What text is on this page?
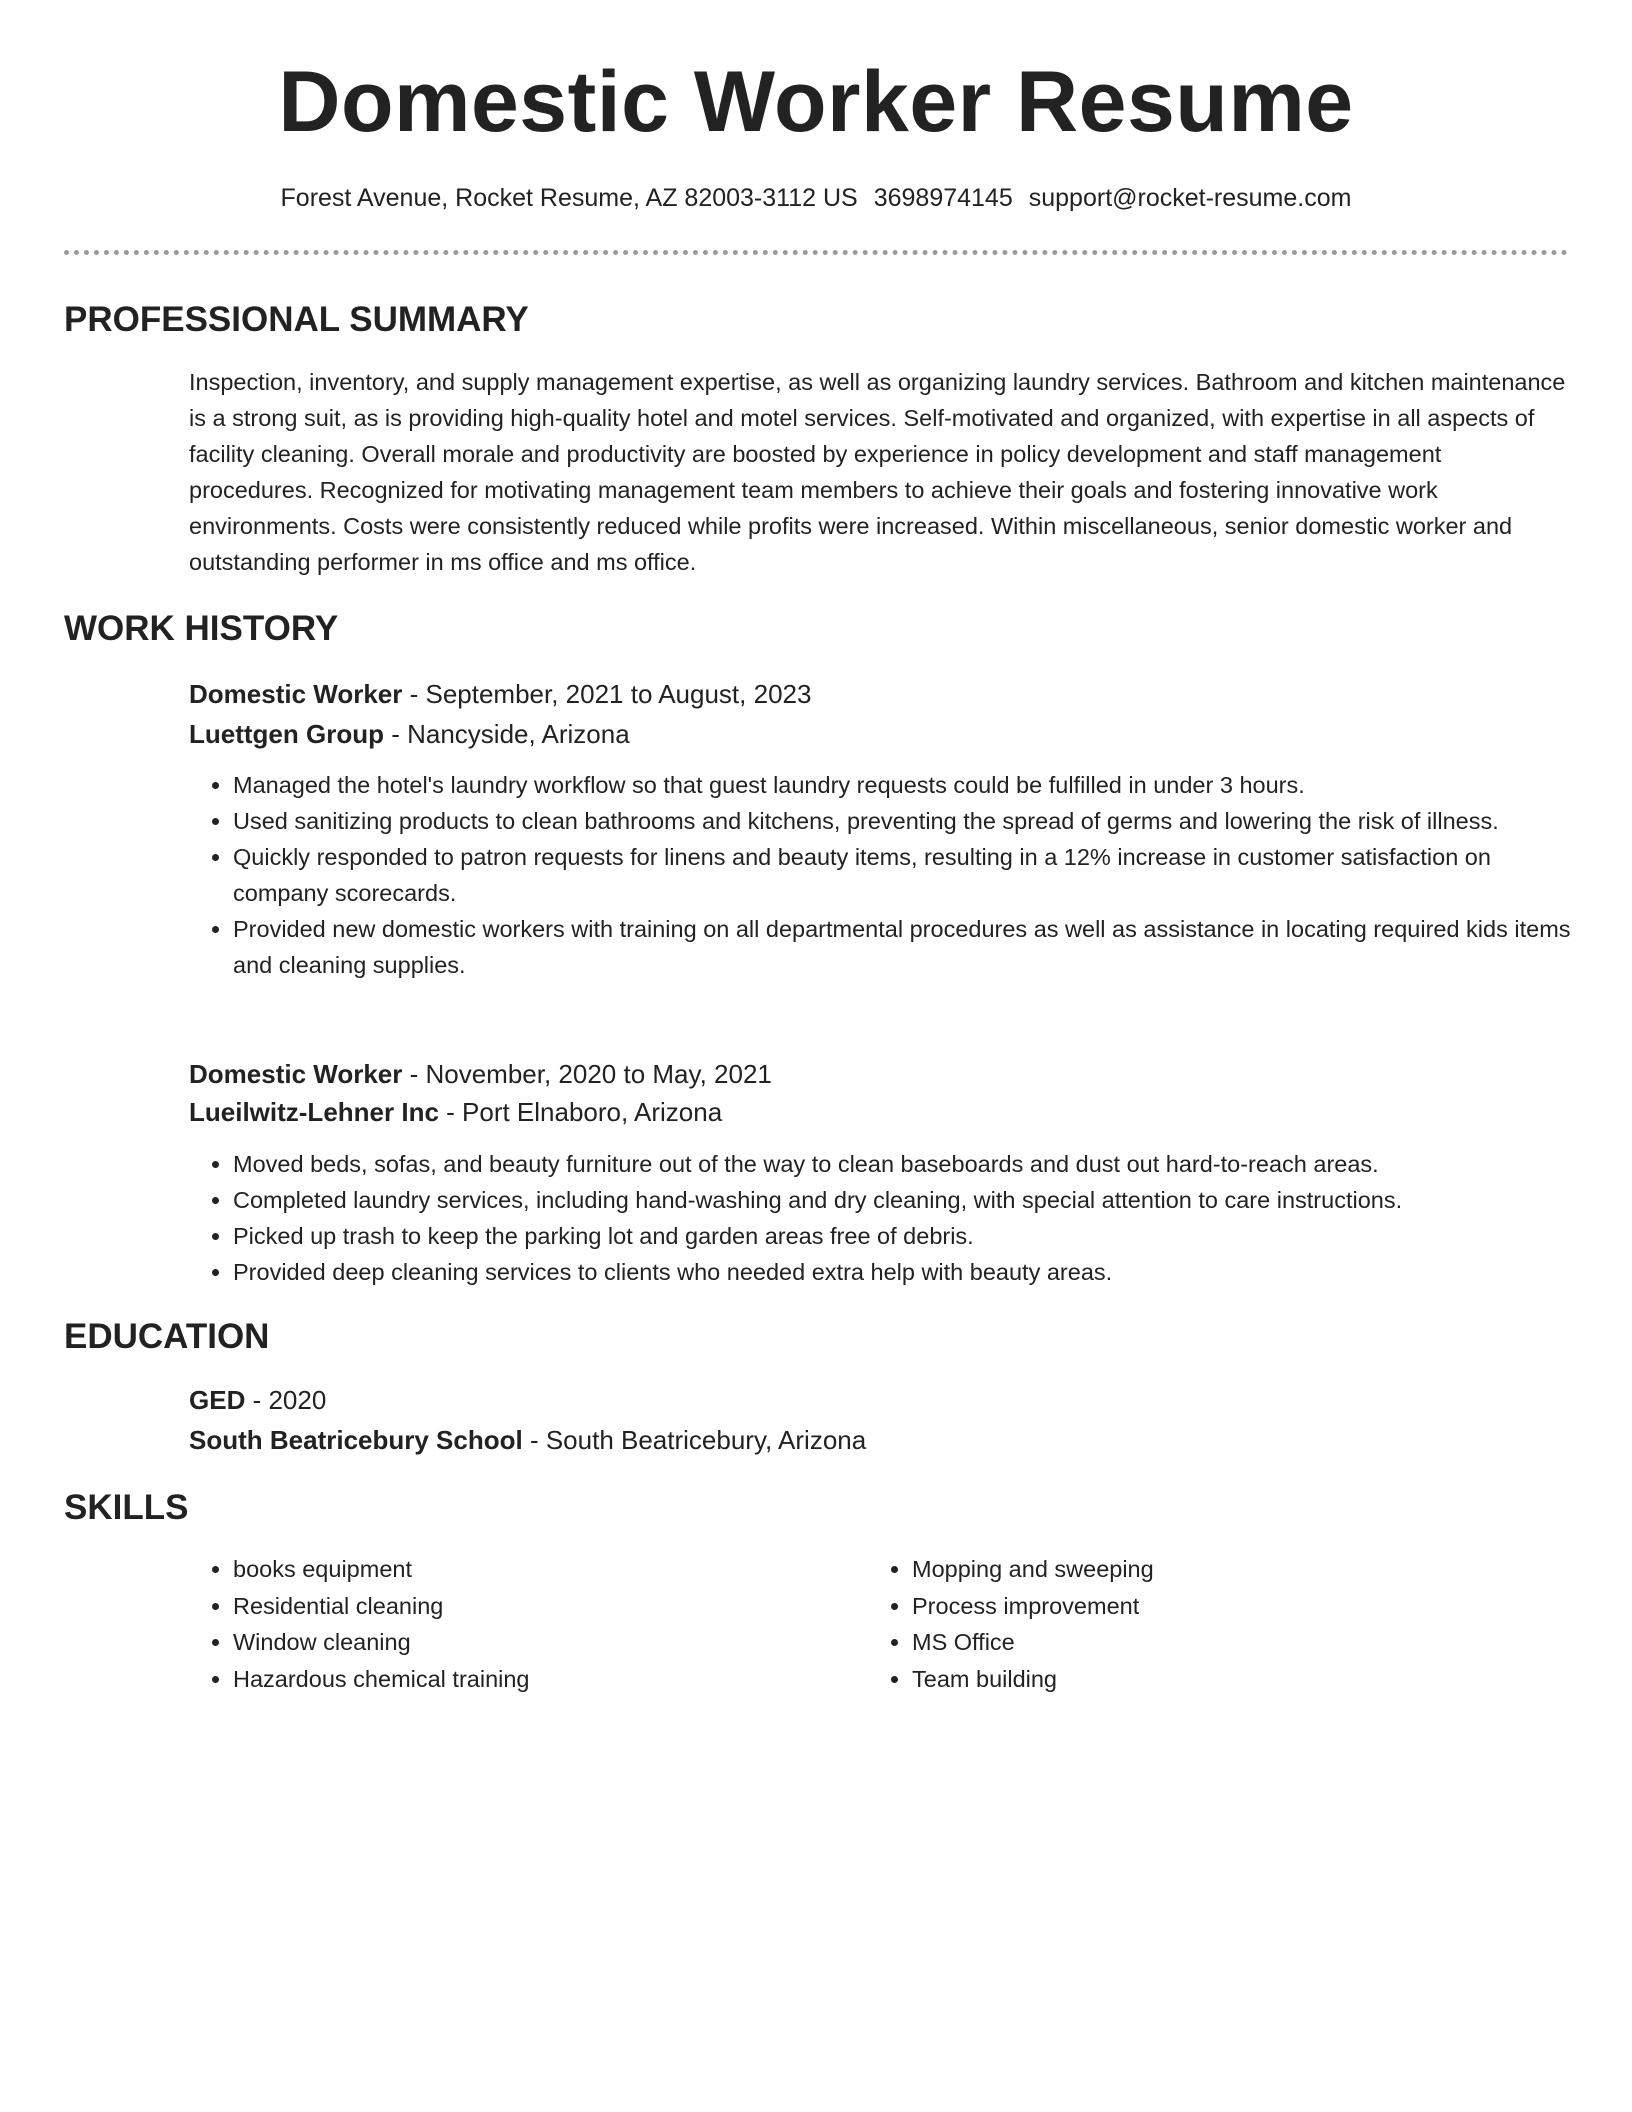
Domestic Worker Resume
Forest Avenue, Rocket Resume, AZ 82003-3112 US 3698974145 support@rocket-resume.com
PROFESSIONAL SUMMARY

Inspection, inventory, and supply management expertise, as well as organizing laundry services. Bathroom and kitchen maintenance is a strong suit, as is providing high-quality hotel and motel services. Self-motivated and organized, with expertise in all aspects of facility cleaning. Overall morale and productivity are boosted by experience in policy development and staff management procedures. Recognized for motivating management team members to achieve their goals and fostering innovative work environments. Costs were consistently reduced while profits were increased. Within miscellaneous, senior domestic worker and outstanding performer in ms office and ms office.

WORK HISTORY
Domestic Worker - September, 2021 to August, 2023
Luettgen Group - Nancyside, Arizona
• Managed the hotel's laundry workflow so that guest laundry requests could be fulfilled in under 3 hours.
• Used sanitizing products to clean bathrooms and kitchens, preventing the spread of germs and lowering the risk of illness.
• Quickly responded to patron requests for linens and beauty items, resulting in a 12% increase in customer satisfaction on company scorecards.
• Provided new domestic workers with training on all departmental procedures as well as assistance in locating required kids items and cleaning supplies.
Domestic Worker - November, 2020 to May, 2021
Lueilwitz-Lehner Inc - Port Elnaboro, Arizona
• Moved beds, sofas, and beauty furniture out of the way to clean baseboards and dust out hard-to-reach areas.
• Completed laundry services, including hand-washing and dry cleaning, with special attention to care instructions.
• Picked up trash to keep the parking lot and garden areas free of debris.
• Provided deep cleaning services to clients who needed extra help with beauty areas.
EDUCATION
GED - 2020
South Beatricebury School - South Beatricebury, Arizona
SKILLS
• books equipment
• Residential cleaning
• Window cleaning
• Hazardous chemical training
• Mopping and sweeping
• Process improvement
• MS Office
• Team building
